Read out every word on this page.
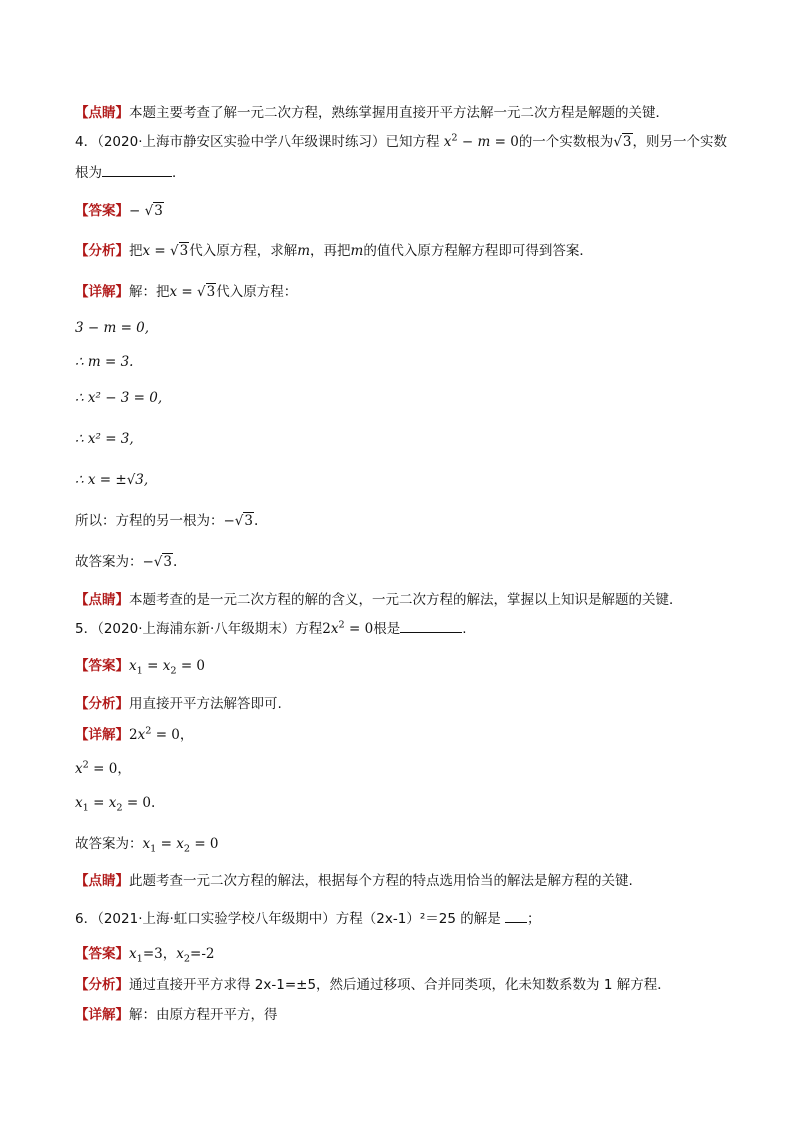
【点睛】本题主要考查了解一元二次方程，熟练掌握用直接开平方法解一元二次方程是解题的关键．
4．（2020·上海市静安区实验中学八年级课时练习）已知方程 $x^2 - m = 0$的一个实数根为√3，则另一个实数
根为	．
【答案】− √3
【分析】把x = √3代入原方程，求解m，再把m的值代入原方程解方程即可得到答案．
【详解】解：把x = √3代入原方程：
3 − m = 0,
∴ m = 3.
∴ x² − 3 = 0,
∴ x² = 3,
∴ x = ±√3,
所以：方程的另一根为：−√3.
故答案为：−√3.
【点睛】本题考查的是一元二次方程的解的含义，一元二次方程的解法，掌握以上知识是解题的关键．
5．（2020·上海浦东新·八年级期末）方程$2x^2 = 0$根是	.
【答案】$x_1 = x_2 = 0$
【分析】用直接开平方法解答即可.
【详解】$2x^2 = 0$，
$x^2 = 0$，
$x_1 = x_2 = 0$.
故答案为：$x_1 = x_2 = 0$
【点睛】此题考查一元二次方程的解法，根据每个方程的特点选用恰当的解法是解方程的关键.
6．（2021·上海·虹口实验学校八年级期中）方程（2x-1）²＝25 的解是 ；
【答案】$x_1=3$，$x_2=-2$
【分析】通过直接开平方求得 2x-1=±5，然后通过移项、合并同类项，化未知数系数为 1 解方程．
【详解】解：由原方程开平方，得
